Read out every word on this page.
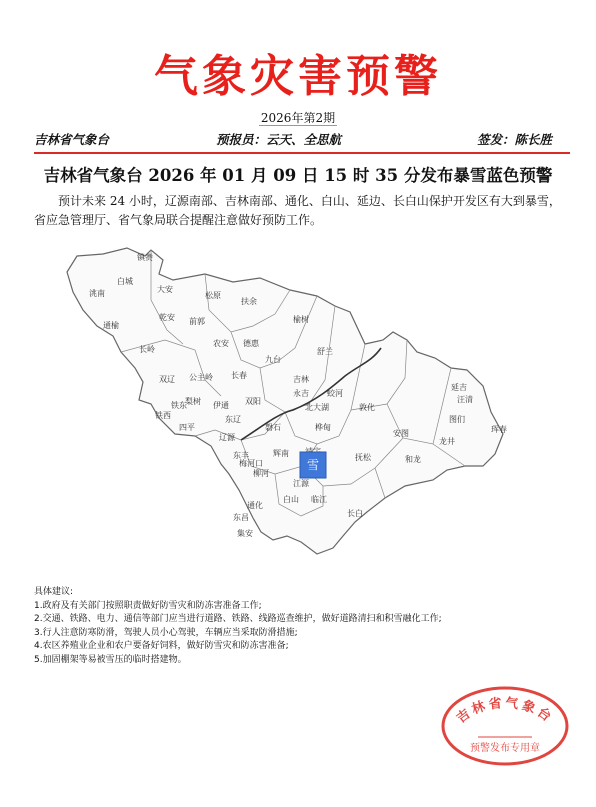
气象灾害预警
2026年第2期
吉林省气象台	预报员：云天、全思航	签发：陈长胜
吉林省气象台 2026 年 01 月 09 日 15 时 35 分发布暴雪蓝色预警
预计未来 24 小时，辽源南部、吉林南部、通化、白山、延边、长白山保护开发区有大到暴雪，省应急管理厅、省气象局联合提醒注意做好预防工作。
镇赉
白城
洮南	大安
乾安
松原
扶余
通榆	前郭	榆树
长岭
农安 德惠
九台
舒兰
双辽 公主岭 长春	吉林
永吉 蛟河
敦化
汪清
图们
珲春
龙井
和龙
安图
延吉
梨树 伊通 双阳
四平
铁东
铁西
辽源
东丰
磐石	桦甸
抚松
辉南
梅河口
柳河
通化
集安
白山
江源
临江
长白
北大湖
东辽
东昌
雪
具体建议:
1.政府及有关部门按照职责做好防雪灾和防冻害准备工作;
2.交通、铁路、电力、通信等部门应当进行道路、铁路、线路巡查维护，做好道路清扫和积雪融化工作;
3.行人注意防寒防滑，驾驶人员小心驾驶，车辆应当采取防滑措施;
4.农区养殖业企业和农户要备好饲料，做好防雪灾和防冻害准备;
5.加固棚架等易被雪压的临时搭建物。
吉林省气象台
预警发布专用章
